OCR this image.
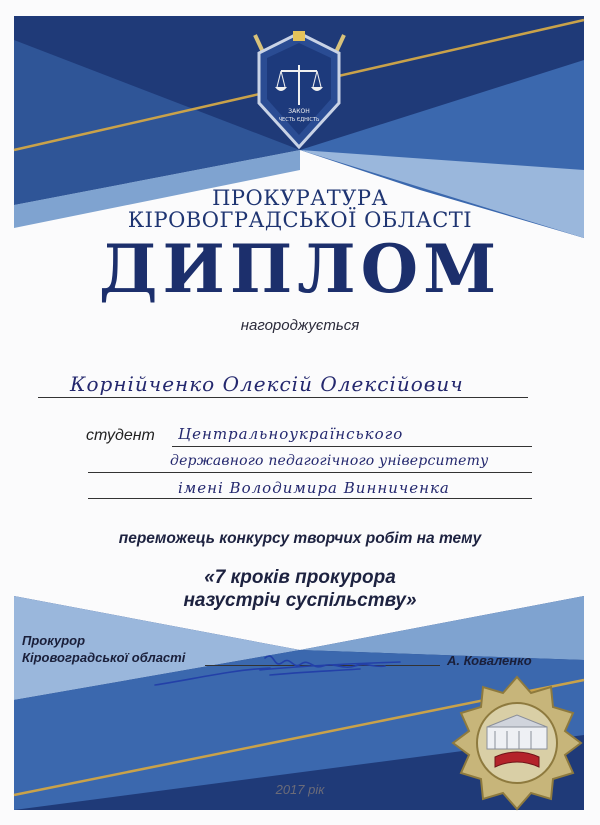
ЗАКОН
ЧЕСТЬ ЄДНІСТЬ
ПРОКУРАТУРА
КІРОВОГРАДСЬКОЇ ОБЛАСТІ
ДИПЛОМ
нагороджується
Корнійченко Олексій Олексійович
студент Центральноукраїнського
державного педагогічного університету
імені Володимира Винниченка
переможець конкурсу творчих робіт на тему
«7 кроків прокурора
назустріч суспільству»
Прокурор
Кіровоградської області	А. Коваленко
2017 рік
